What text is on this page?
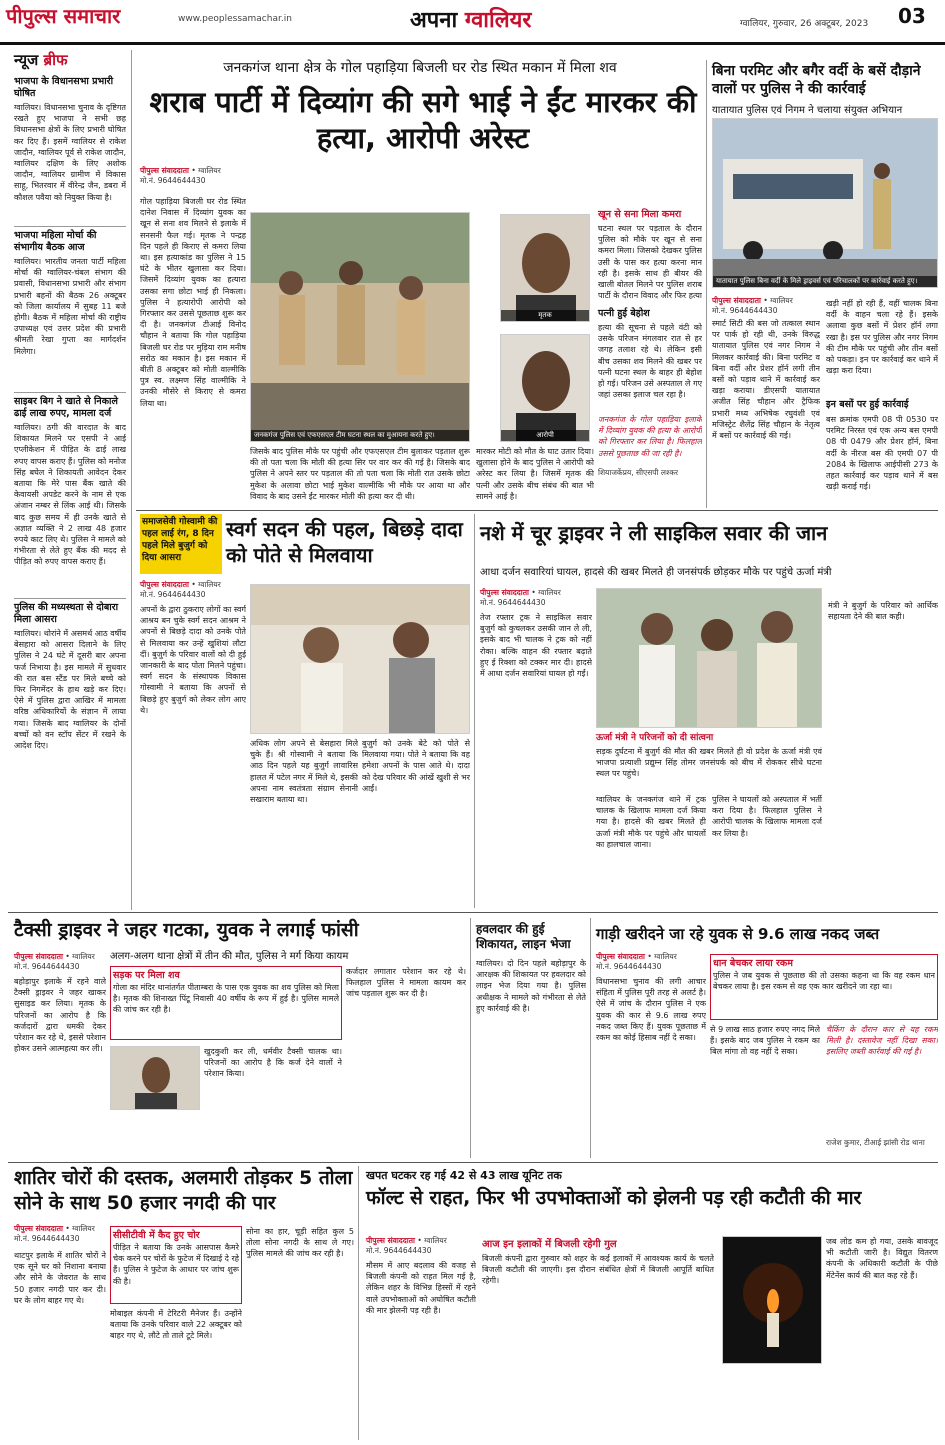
पीपुल्स समाचार	www.peoplessamachar.in	अपना ग्वालियर	ग्वालियर, गुरुवार, 26 अक्टूबर, 2023 03
न्यूज ब्रीफ
भाजपा के विधानसभा प्रभारी घोषित
ग्वालियर। विधानसभा चुनाव के दृष्टिगत रखते हुए भाजपा ने सभी छह विधानसभा क्षेत्रों के लिए प्रभारी घोषित कर दिए हैं। इसमें ग्वालियर से राकेश जादौन, ग्वालियर पूर्व से राकेश जादौन, ग्वालियर दक्षिण के लिए अशोक जादौन, ग्वालियर ग्रामीण में विकास साहू, भितरवार में वीरेन्द्र जैन, डबरा में कौशल पवैया को नियुक्त किया है।
भाजपा महिला मोर्चा की संभागीय बैठक आज
ग्वालियर। भारतीय जनता पार्टी महिला मोर्चा की ग्वालियर-चंबल संभाग की प्रवासी, विधानसभा प्रभारी और संभाग प्रभारी बहनों की बैठक 26 अक्टूबर को जिला कार्यालय में सुबह 11 बजे होगी। बैठक में महिला मोर्चा की राष्ट्रीय उपाध्यक्ष एवं उत्तर प्रदेश की प्रभारी श्रीमती रेखा गुप्ता का मार्गदर्शन मिलेगा।
साइबर बिग ने खाते से निकाले ढाई लाख रुपए, मामला दर्ज
ग्वालियर। ठगी की वारदात के बाद शिकायत मिलने पर एसपी ने आई एप्लीकेशन में पीड़ित के ढाई लाख रुपए वापस कराए हैं। पुलिस को मनोज सिंह बघेल ने शिकायती आवेदन देकर बताया कि मेरे पास बैंक खाते की केवायसी अपडेट करने के नाम से एक अंजान नम्बर से लिंक आई थी। जिसके बाद कुछ समय में ही उनके खाते से अज्ञात व्यक्ति ने 2 लाख 48 हजार रुपये काट लिए थे। पुलिस ने मामले को गंभीरता से लेते हुए बैंक की मदद से पीड़ित को रुपए वापस कराए हैं।
पुलिस की मध्यस्थता से दोबारा मिला आसरा
ग्वालियर। थोरांने में असमर्थ आठ वर्षीय बेसहारा को आसरा दिलाने के लिए पुलिस ने 24 घंटे में दूसरी बार अपना फर्ज निभाया है। इस मामले में सुधवार की रात बस स्टैंड पर मिले बच्चे को फिर निगमेंदर के हाथ खड़े कर दिए। ऐसे में पुलिस द्वारा आखिर में मामला वरिष्ठ अधिकारियों के संज्ञान में लाया गया। जिसके बाद ग्वालियर के दोनों बच्चों को वन स्टॉप सेंटर में रखने के आदेश दिए।
जनकगंज थाना क्षेत्र के गोल पहाड़िया बिजली घर रोड स्थित मकान में मिला शव
शराब पार्टी में दिव्यांग की सगे भाई ने ईंट मारकर की हत्या, आरोपी अरेस्ट
पीपुल्स संवाददाता • ग्वालियर
जनकगंज पुलिस एवं एफएसएल टीम घटना स्थल का मुआयना करते हुए।
मृतक
आरोपी
मो.नं. 9644644430
गोल पहाड़िया बिजली घर रोड स्थित दानेश निवास में दिव्यांग युवक का खून से सना शव मिलने से इलाके में सनसनी फैल गई। मृतक ने पन्द्रह दिन पहले ही किराए से कमरा लिया था। इस हत्याकांड का पुलिस ने 15 घंटे के भीतर खुलासा कर दिया। जिसमें दिव्यांग युवक का हत्यारा उसका सगा छोटा भाई ही निकला। पुलिस ने हत्यारोपी आरोपी को गिरफ्तार कर उससे पूछताछ शुरू कर दी है। जनकगंज टीआई विनोद चौहान ने बताया कि गोल पहाड़िया बिजली घर रोड पर मुड़िया राम मनीष सरोठ का मकान है। इस मकान में बीती 8 अक्टूबर को मोती वाल्मीकि पुत्र स्व. लक्ष्मण सिंह वाल्मीकि ने उनकी मौसेरे से किराए से कमरा लिया था।
जिसके बाद पुलिस मौके पर पहुंची और एफएसएल टीम बुलाकर पड़ताल शुरू की तो पता चला कि मोती की हत्या सिर पर वार कर की गई है। जिसके बाद पुलिस ने अपने स्तर पर पड़ताल की तो पता चला कि मोती रात उसके छोटा मुकेश के अलावा छोटा भाई मुकेश वाल्मीकि भी मौके पर आया था और विवाद के बाद उसने ईंट मारकर मोती की हत्या कर दी थी।
मारकर मोटी को मौत के घाट उतार दिया। खुलासा होने के बाद पुलिस ने आरोपी को अरेस्ट कर लिया है। जिसमें मृतक की पत्नी और उसके बीच संबंध की बात भी सामने आई है।
खून से सना मिला कमरा
घटना स्थल पर पड़ताल के दौरान पुलिस को मौके पर खून से सना कमरा मिला। जिसको देखकर पुलिस उसी के पास कर हत्या करना मान रही है। इसके साथ ही बीयर की खाली बोतल मिलने पर पुलिस शराब पार्टी के दौरान विवाद और फिर हत्या
पत्नी हुई बेहोश
हत्या की सूचना से पहले वंटी को उसके परिजन मंगलवार रात से हर जगह तलाश रहे थे। लेकिन इसी बीच उसका शव मिलने की खबर पर पत्नी घटना स्थल के बाहर ही बेहोश हो गई। परिजन उसे अस्पताल ले गए जहां उसका इलाज चल रहा है।
जनकगंज के गोल पहाड़िया इलाके में दिव्यांग युवक की हत्या के आरोपी को गिरफ्तार कर लिया है। फिलहाल उससे पूछताछ की जा रही है।
शियाजकेंप्रय, सीएसपी लश्कर
बिना परमिट और बगैर वर्दी के बसें दौड़ाने वालों पर पुलिस ने की कार्रवाई
यातायात पुलिस एवं निगम ने चलाया संयुक्त अभियान
यातायात पुलिस बिना वर्दी के मिले ड्राइवर्स एवं परिचालकों पर कार्रवाई करते हुए।
पीपुल्स संवाददाता • ग्वालियर
मो.नं. 9644644430
स्मार्ट सिटी की बस जो तत्काल स्थान पर पार्क हो रही थी, उनके विरुद्ध यातायात पुलिस एवं नगर निगम ने मिलकर कार्रवाई की। बिना परमिट व बिना वर्दी और प्रेशर हॉर्न लगी तीन बसों को पड़ाव थाने में कार्रवाई कर खड़ा कराया। डीएसपी यातायात अजीत सिंह चौहान और ट्रैफिक प्रभारी मध्य अभिषेक रघुवंशी एवं मजिस्ट्रेट शैलेंद्र सिंह चौहान के नेतृत्व में बसों पर कार्रवाई की गई।
खड़ी नहीं हो रही हैं, वहीं चालक बिना वर्दी के वाहन चला रहे हैं। इसके अलावा कुछ बसों में प्रेशर हॉर्न लगा रखा है। इस पर पुलिस और नगर निगम की टीम मौके पर पहुंची और तीन बसों को पकड़ा। इन पर कार्रवाई कर थाने में खड़ा करा दिया।
इन बसों पर हुई कार्रवाई
बस क्रमांक एमपी 08 पी 0530 पर परमिट निरस्त एवं एक अन्य बस एमपी 08 पी 0479 और प्रेशर हॉर्न, बिना वर्दी के नीरज बस की एमपी 07 पी 2084 के खिलाफ आईपीसी 273 के तहत कार्रवाई कर पड़ाव थाने में बस खड़ी कराई गई।
समाजसेवी गोस्वामी की पहल लाई रंग, 8 दिन पहले मिले बुजुर्ग को दिया आसरा
स्वर्ग सदन की पहल, बिछड़े दादा को पोते से मिलवाया
पीपुल्स संवाददाता • ग्वालियर
मो.नं. 9644644430
अपनों के द्वारा ठुकराए लोगों का स्वर्ग आश्रय बन चुके स्वर्ग सदन आश्रम ने अपनों से बिछड़े दादा को उनके पोते से मिलवाया कर उन्हें खुशियां लौटा दीं। बुजुर्ग के परिवार वालों को दी हुई जानकारी के बाद पोता मिलने पहुंचा। स्वर्ग सदन के संस्थापक विकास गोस्वामी ने बताया कि अपनों से बिछड़े हुए बुजुर्ग को लेकर लोग आए थे।
अधिक लोग अपने से बेसहारा मिले चुके हैं। श्री गोस्वामी ने बताया कि आठ दिन पहले यह बुजुर्ग लावारिस हालत में पटेल नगर में मिले थे, इसकी अपना नाम स्वतंत्रता संग्राम सेनानी सखाराम बताया था।
बुजुर्ग को उनके बेटे को पोते से मिलवाया गया। पोते ने बताया कि वह हमेशा अपनों के पास आते थे। दादा को देख परिवार की आंखें खुशी से भर आईं।
नशे में चूर ड्राइवर ने ली साइकिल सवार की जान
आधा दर्जन सवारियां घायल, हादसे की खबर मिलते ही जनसंपर्क छोड़कर मौके पर पहुंचे ऊर्जा मंत्री
पीपुल्स संवाददाता • ग्वालियर
मो.नं. 9644644430
ऊर्जा मंत्री ने परिजनों को दी सांत्वना
सड़क दुर्घटना में बुजुर्ग की मौत की खबर मिलते ही वो प्रदेश के ऊर्जा मंत्री एवं भाजपा प्रत्याशी प्रद्युम्न सिंह तोमर जनसंपर्क को बीच में रोककर सीधे घटना स्थल पर पहुंचे।
तेज रफ्तार ट्रक ने साइकिल सवार बुजुर्ग को कुचलकर उसकी जान ले ली, इसके बाद भी चालक ने ट्रक को नहीं रोका। बल्कि वाहन की रफ्तार बढ़ाते हुए ई रिक्शा को टक्कर मार दी। हादसे में आधा दर्जन सवारियां घायल हो गईं।
ग्वालियर के जनकगंज थाने में ट्रक चालक के खिलाफ मामला दर्ज किया गया है। हादसे की खबर मिलते ही ऊर्जा मंत्री मौके पर पहुंचे और घायलों का हालचाल जाना।
पुलिस ने घायलों को अस्पताल में भर्ती करा दिया है। फिलहाल पुलिस ने आरोपी चालक के खिलाफ मामला दर्ज कर लिया है।
मंत्री ने बुजुर्ग के परिवार को आर्थिक सहायता देने की बात कही।
टैक्सी ड्राइवर ने जहर गटका, युवक ने लगाई फांसी
अलग-अलग थाना क्षेत्रों में तीन की मौत, पुलिस ने मर्ग किया कायम
पीपुल्स संवाददाता • ग्वालियर
मो.नं. 9644644430
बहोड़ापुर इलाके में रहने वाले टैक्सी ड्राइवर ने जहर खाकर सुसाइड कर लिया। मृतक के परिजनों का आरोप है कि कर्जदारों द्वारा धमकी देकर परेशान कर रहे थे, इससे परेशान होकर उसने आत्महत्या कर ली।
सड़क पर मिला शव
गोला का मंदिर थानांतर्गत पीताम्बरा के पास एक युवक का शव पुलिस को मिला है। मृतक की शिनाख्त पिंटू निवासी 40 वर्षीय के रूप में हुई है। पुलिस मामले की जांच कर रही है।
खुदकुशी कर ली, धर्मवीर टैक्सी चालक था। परिजनों का आरोप है कि कर्ज देने वालों ने परेशान किया।
कर्जदार लगातार परेशान कर रहे थे। फिलहाल पुलिस ने मामला कायम कर जांच पड़ताल शुरू कर दी है।
हवलदार की हुई शिकायत, लाइन भेजा
ग्वालियर। दो दिन पहले बहोड़ापुर के आरक्षक की शिकायत पर हवलदार को लाइन भेज दिया गया है। पुलिस अधीक्षक ने मामले को गंभीरता से लेते हुए कार्रवाई की है।
गाड़ी खरीदने जा रहे युवक से 9.6 लाख नकद जब्त
पीपुल्स संवाददाता • ग्वालियर
मो.नं. 9644644430
विधानसभा चुनाव की लगी आचार संहिता में पुलिस पूरी तरह से अलर्ट है। ऐसे में जांच के दौरान पुलिस ने एक युवक की कार से 9.6 लाख रुपए नकद जब्त किए हैं। युवक पूछताछ में रकम का कोई हिसाब नहीं दे सका।
धान बेचकर लाया रकम
पुलिस ने जब युवक से पूछताछ की तो उसका कहना था कि वह रकम धान बेचकर लाया है। इस रकम से वह एक कार खरीदने जा रहा था।
से 9 लाख साठ हजार रुपए नगद मिले हैं। इसके बाद जब पुलिस ने रकम का बिल मांगा तो वह नहीं दे सका।
चैकिंग के दौरान कार से यह रकम मिली है। दस्तावेज नहीं दिखा सका। इसलिए जब्ती कार्रवाई की गई है।
राजेश कुमार, टीआई झांसी रोड थाना
शातिर चोरों की दस्तक, अलमारी तोड़कर 5 तोला सोने के साथ 50 हजार नगदी की पार
पीपुल्स संवाददाता • ग्वालियर
मो.नं. 9644644430
थाटपुर इलाके में शातिर चोरों ने एक सूने घर को निशाना बनाया और सोने के जेवरात के साथ 50 हजार नगदी पार कर दी। घर के लोग बाहर गए थे।
सीसीटीवी में कैद हुए चोर
पीड़ित ने बताया कि उनके आसपास कैमरे चेक करने पर चोरों के फुटेज में दिखाई दे रहे हैं। पुलिस ने फुटेज के आधार पर जांच शुरू की है।
मोबाइल कंपनी में टेरिटरी मैनेजर हैं। उन्होंने बताया कि उनके परिवार वाले 22 अक्टूबर को बाहर गए थे, लौटे तो ताले टूटे मिले।
सोना का हार, चूड़ी सहित कुल 5 तोला सोना नगदी के साथ ले गए। पुलिस मामले की जांच कर रही है।
खपत घटकर रह गई 42 से 43 लाख यूनिट तक
फॉल्ट से राहत, फिर भी उपभोक्ताओं को झेलनी पड़ रही कटौती की मार
पीपुल्स संवाददाता • ग्वालियर
मो.नं. 9644644430
मौसम में आए बदलाव की वजह से बिजली कंपनी को राहत मिल गई है, लेकिन शहर के विभिन्न हिस्सों में रहने वाले उपभोक्ताओं को अघोषित कटौती की मार झेलनी पड़ रही है।
आज इन इलाकों में बिजली रहेगी गुल
बिजली कंपनी द्वारा गुरुवार को शहर के कई इलाकों में आवश्यक कार्य के चलते बिजली कटौती की जाएगी। इस दौरान संबंधित क्षेत्रों में बिजली आपूर्ति बाधित रहेगी।
जब लोड कम हो गया, उसके बावजूद भी कटौती जारी है। विद्युत वितरण कंपनी के अधिकारी कटौती के पीछे मेंटेनेंस कार्य की बात कह रहे हैं।
